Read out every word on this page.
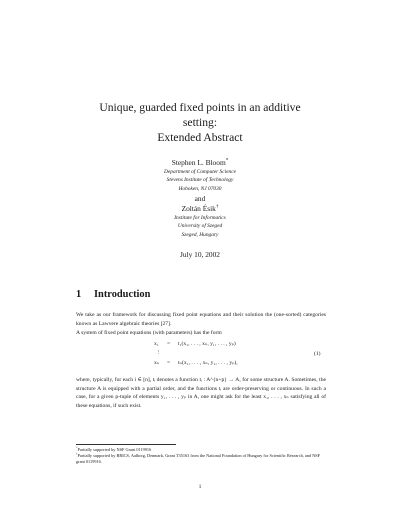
Unique, guarded fixed points in an additive
setting:
Extended Abstract
Stephen L. Bloom*
Department of Computer Science
Stevens Institute of Technology
Hoboken, NJ 07030
and
Zoltán Ésik†
Institute for Informatics
University of Szeged
Szeged, Hungary
July 10, 2002
1 Introduction
We take as our framework for discussing fixed point equations and their solution the (one-sorted) categories known as Lawvere algebraic theories [27].
A system of fixed point equations (with parameters) has the form
x₁ = t₁(x₁, . . . , xₙ, y₁, . . . , yₚ)
⋮
xₙ = tₙ(x₁, . . . , xₙ, y₁, . . . , yₚ),
(1)
where, typically, for each i ∈ [n], tᵢ denotes a function tᵢ : A^{n+p} → A, for some structure A. Sometimes, the structure A is equipped with a partial order, and the functions tᵢ are order-preserving or continuous. In such a case, for a given p-tuple of elements y₁, . . . , yₚ in A, one might ask for the least x₁, . . . , xₙ satisfying all of these equations, if such exist.
*Partially supported by NSF Grant 0119916
†Partially supported by BRICS, Aalborg, Denmark, Grant T35163 from the National Foundation of Hungary for Scientific Research, and NSF grant 0119916.
1
